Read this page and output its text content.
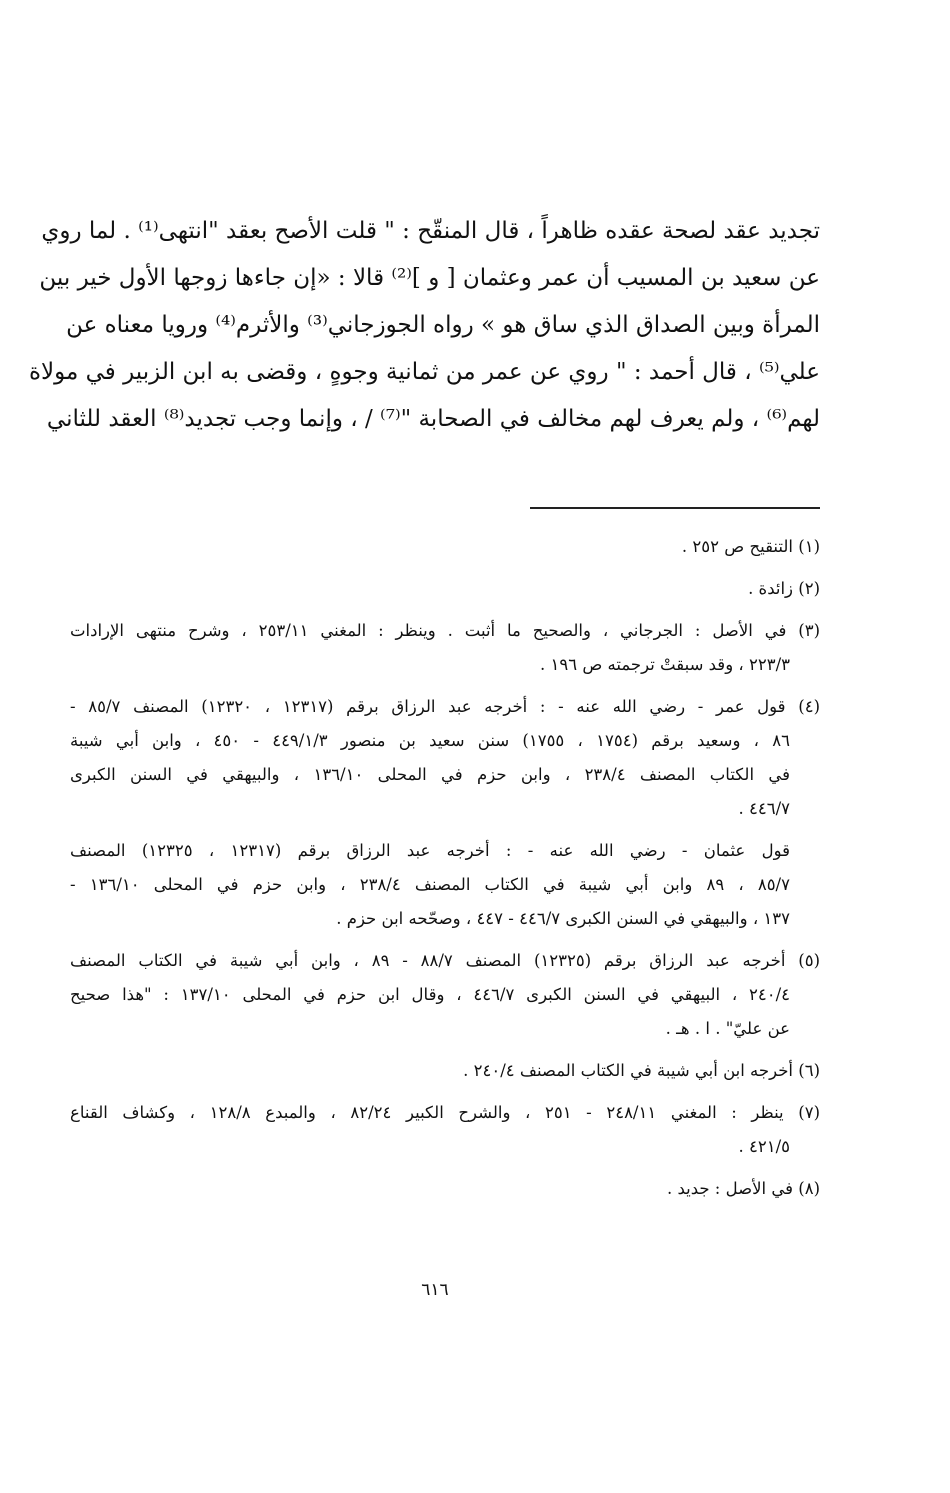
تجديد عقد لصحة عقده ظاهراً ، قال المنقّح : " قلت الأصح بعقد "انتهى⁽¹⁾ . لما روي
عن سعيد بن المسيب أن عمر وعثمان [ و ]⁽²⁾ قالا : «إن جاءها زوجها الأول خير بين
المرأة وبين الصداق الذي ساق هو » رواه الجوزجاني⁽³⁾ والأثرم⁽⁴⁾ ورويا معناه عن
علي⁽⁵⁾ ، قال أحمد : " روي عن عمر من ثمانية وجوهٍ ، وقضى به ابن الزبير في مولاة
لهم⁽⁶⁾ ، ولم يعرف لهم مخالف في الصحابة "⁽⁷⁾ / ، وإنما وجب تجديد⁽⁸⁾ العقد للثاني

(١) التنقيح ص ٢٥٢ .
(٢) زائدة .
(٣) في الأصل : الجرجاني ، والصحيح ما أثبت . وينظر : المغني ٢٥٣/١١ ، وشرح منتهى الإرادات
٢٢٣/٣ ، وقد سبقتْ ترجمته ص ١٩٦ .
(٤) قول عمر - رضي الله عنه - : أخرجه عبد الرزاق برقم (١٢٣١٧ ، ١٢٣٢٠) المصنف ٨٥/٧ -
٨٦ ، وسعيد برقم (١٧٥٤ ، ١٧٥٥) سنن سعيد بن منصور ٤٤٩/١/٣ - ٤٥٠ ، وابن أبي شيبة
في الكتاب المصنف ٢٣٨/٤ ، وابن حزم في المحلى ١٣٦/١٠ ، والبيهقي في السنن الكبرى
٤٤٦/٧ .
قول عثمان - رضي الله عنه - : أخرجه عبد الرزاق برقم (١٢٣١٧ ، ١٢٣٢٥) المصنف
٨٥/٧ ، ٨٩ وابن أبي شيبة في الكتاب المصنف ٢٣٨/٤ ، وابن حزم في المحلى ١٣٦/١٠ -
١٣٧ ، والبيهقي في السنن الكبرى ٤٤٦/٧ - ٤٤٧ ، وصحّحه ابن حزم .
(٥) أخرجه عبد الرزاق برقم (١٢٣٢٥) المصنف ٨٨/٧ - ٨٩ ، وابن أبي شيبة في الكتاب المصنف
٢٤٠/٤ ، البيهقي في السنن الكبرى ٤٤٦/٧ ، وقال ابن حزم في المحلى ١٣٧/١٠ : "هذا صحيح
عن عليّ" . ا . هـ .
(٦) أخرجه ابن أبي شيبة في الكتاب المصنف ٢٤٠/٤ .
(٧) ينظر : المغني ٢٤٨/١١ - ٢٥١ ، والشرح الكبير ٨٢/٢٤ ، والمبدع ١٢٨/٨ ، وكشاف القناع
٤٢١/٥ .
(٨) في الأصل : جديد .
٦١٦
